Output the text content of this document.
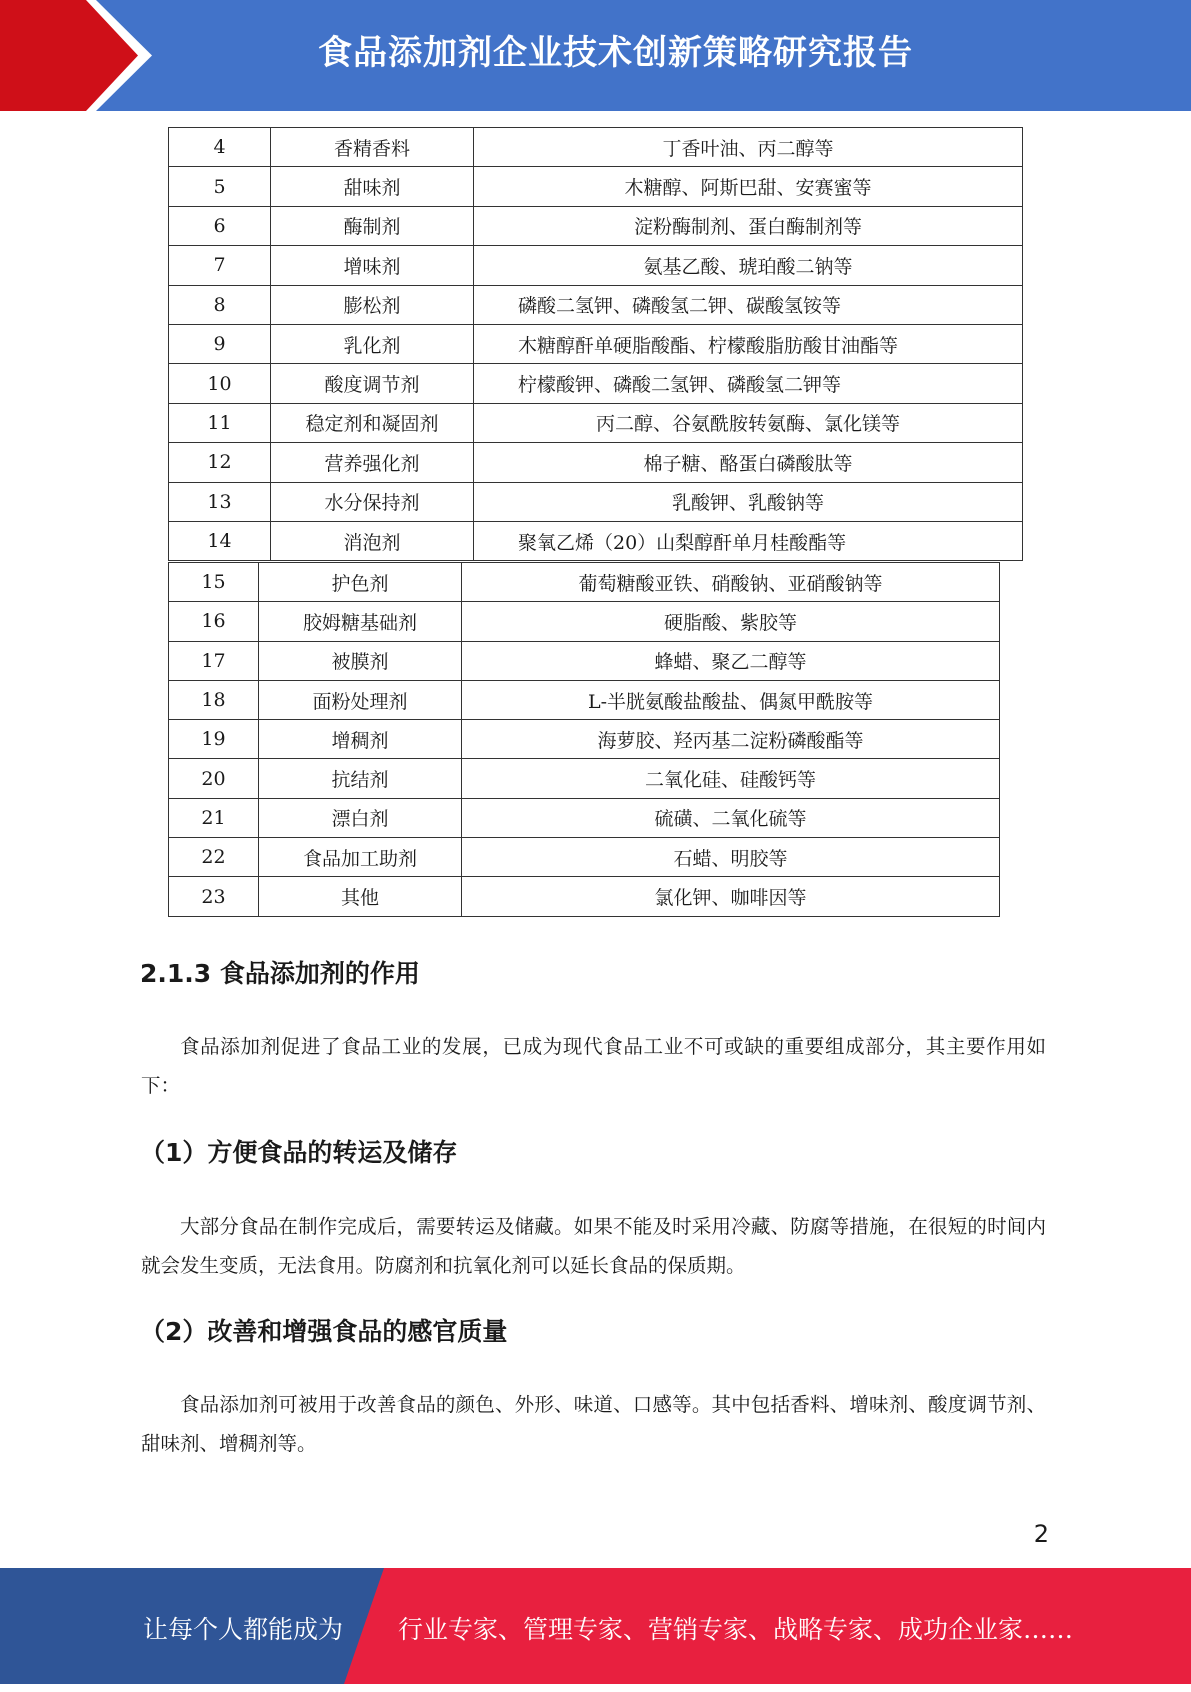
食品添加剂企业技术创新策略研究报告
4	香精香料	丁香叶油、丙二醇等
5	甜味剂	木糖醇、阿斯巴甜、安赛蜜等
6	酶制剂	淀粉酶制剂、蛋白酶制剂等
7	增味剂	氨基乙酸、琥珀酸二钠等
8	膨松剂	磷酸二氢钾、磷酸氢二钾、碳酸氢铵等
9	乳化剂	木糖醇酐单硬脂酸酯、柠檬酸脂肪酸甘油酯等
10	酸度调节剂	柠檬酸钾、磷酸二氢钾、磷酸氢二钾等
11	稳定剂和凝固剂	丙二醇、谷氨酰胺转氨酶、氯化镁等
12	营养强化剂	棉子糖、酪蛋白磷酸肽等
13	水分保持剂	乳酸钾、乳酸钠等
14	消泡剂	聚氧乙烯（20）山梨醇酐单月桂酸酯等
15	护色剂	葡萄糖酸亚铁、硝酸钠、亚硝酸钠等
16	胶姆糖基础剂	硬脂酸、紫胶等
17	被膜剂	蜂蜡、聚乙二醇等
18	面粉处理剂	L-半胱氨酸盐酸盐、偶氮甲酰胺等
19	增稠剂	海萝胶、羟丙基二淀粉磷酸酯等
20	抗结剂	二氧化硅、硅酸钙等
21	漂白剂	硫磺、二氧化硫等
22	食品加工助剂	石蜡、明胶等
23	其他	氯化钾、咖啡因等
2.1.3 食品添加剂的作用
食品添加剂促进了食品工业的发展，已成为现代食品工业不可或缺的重要组成部分，其主要作用如下：
（1）方便食品的转运及储存
大部分食品在制作完成后，需要转运及储藏。如果不能及时采用冷藏、防腐等措施，在很短的时间内就会发生变质，无法食用。防腐剂和抗氧化剂可以延长食品的保质期。
（2）改善和增强食品的感官质量
食品添加剂可被用于改善食品的颜色、外形、味道、口感等。其中包括香料、增味剂、酸度调节剂、甜味剂、增稠剂等。
2
让每个人都能成为 行业专家、管理专家、营销专家、战略专家、成功企业家……
